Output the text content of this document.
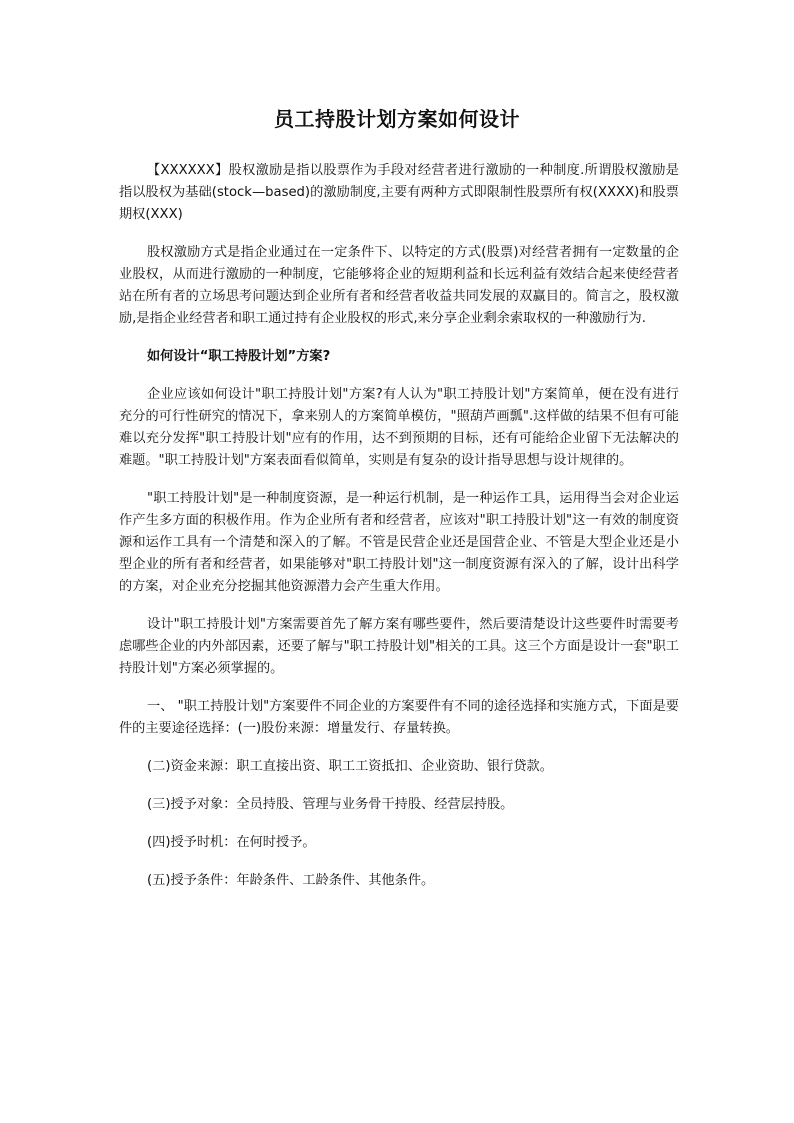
员工持股计划方案如何设计

【XXXXXX】股权激励是指以股票作为手段对经营者进行激励的一种制度.所谓股权激励是指以股权为基础(stock—based)的激励制度,主要有两种方式即限制性股票所有权(XXXX)和股票期权(XXX)

股权激励方式是指企业通过在一定条件下、以特定的方式(股票)对经营者拥有一定数量的企业股权，从而进行激励的一种制度，它能够将企业的短期利益和长远利益有效结合起来使经营者站在所有者的立场思考问题达到企业所有者和经营者收益共同发展的双赢目的。简言之，股权激励,是指企业经营者和职工通过持有企业股权的形式,来分享企业剩余索取权的一种激励行为.

如何设计“职工持股计划”方案?

企业应该如何设计"职工持股计划"方案?有人认为"职工持股计划"方案简单，便在没有进行充分的可行性研究的情况下，拿来别人的方案简单模仿，"照葫芦画瓢".这样做的结果不但有可能难以充分发挥"职工持股计划"应有的作用，达不到预期的目标，还有可能给企业留下无法解决的难题。"职工持股计划"方案表面看似简单，实则是有复杂的设计指导思想与设计规律的。

"职工持股计划"是一种制度资源，是一种运行机制，是一种运作工具，运用得当会对企业运作产生多方面的积极作用。作为企业所有者和经营者，应该对"职工持股计划"这一有效的制度资源和运作工具有一个清楚和深入的了解。不管是民营企业还是国营企业、不管是大型企业还是小型企业的所有者和经营者，如果能够对"职工持股计划"这一制度资源有深入的了解，设计出科学的方案，对企业充分挖掘其他资源潜力会产生重大作用。

设计"职工持股计划"方案需要首先了解方案有哪些要件，然后要清楚设计这些要件时需要考虑哪些企业的内外部因素，还要了解与"职工持股计划"相关的工具。这三个方面是设计一套"职工持股计划"方案必须掌握的。

一、 "职工持股计划"方案要件不同企业的方案要件有不同的途径选择和实施方式，下面是要件的主要途径选择：(一)股份来源：增量发行、存量转换。

(二)资金来源：职工直接出资、职工工资抵扣、企业资助、银行贷款。

(三)授予对象：全员持股、管理与业务骨干持股、经营层持股。

(四)授予时机：在何时授予。

(五)授予条件：年龄条件、工龄条件、其他条件。
